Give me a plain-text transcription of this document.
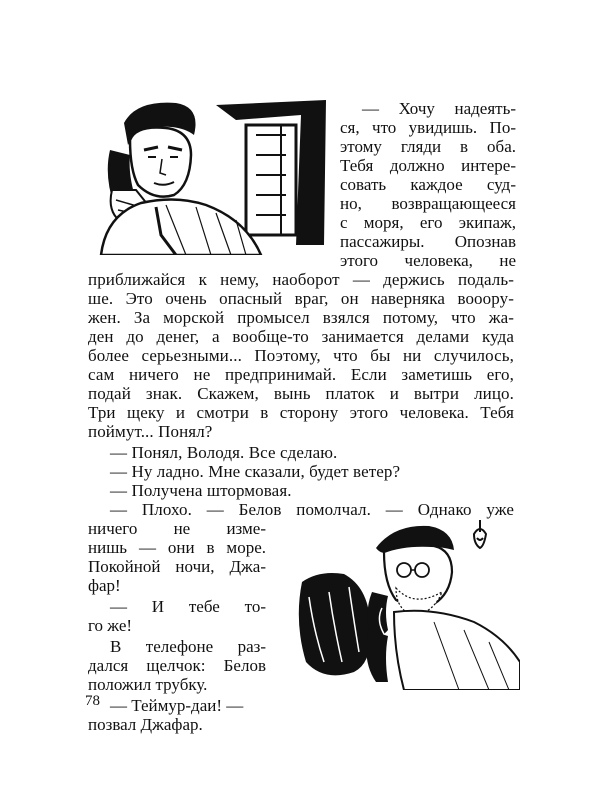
— Хочу надеять-

ся, что увидишь. По-

этому гляди в оба.

Тебя должно интере-

совать каждое суд-

но, возвращающееся

с моря, его экипаж,

пассажиры. Опознав

этого человека, не

приближайся к нему, наоборот — держись подаль-

ше. Это очень опасный враг, он наверняка вооору-

жен. За морской промысел взялся потому, что жа-

ден до денег, а вообще-то занимается делами куда

более серьезными... Поэтому, что бы ни случилось,

сам ничего не предпринимай. Если заметишь его,

подай знак. Скажем, вынь платок и вытри лицо.

Три щеку и смотри в сторону этого человека. Тебя

поймут... Понял?

— Понял, Володя. Все сделаю.

— Ну ладно. Мне сказали, будет ветер?

— Получена штормовая.

— Плохо. — Белов помолчал. — Однако уже

ничего не изме-

нишь — они в море.

Покойной ночи, Джа-

фар!

— И тебе то-

го же!

В телефоне раз-

дался щелчок: Белов

положил трубку.

— Теймур-даи! —

позвал Джафар.

78
